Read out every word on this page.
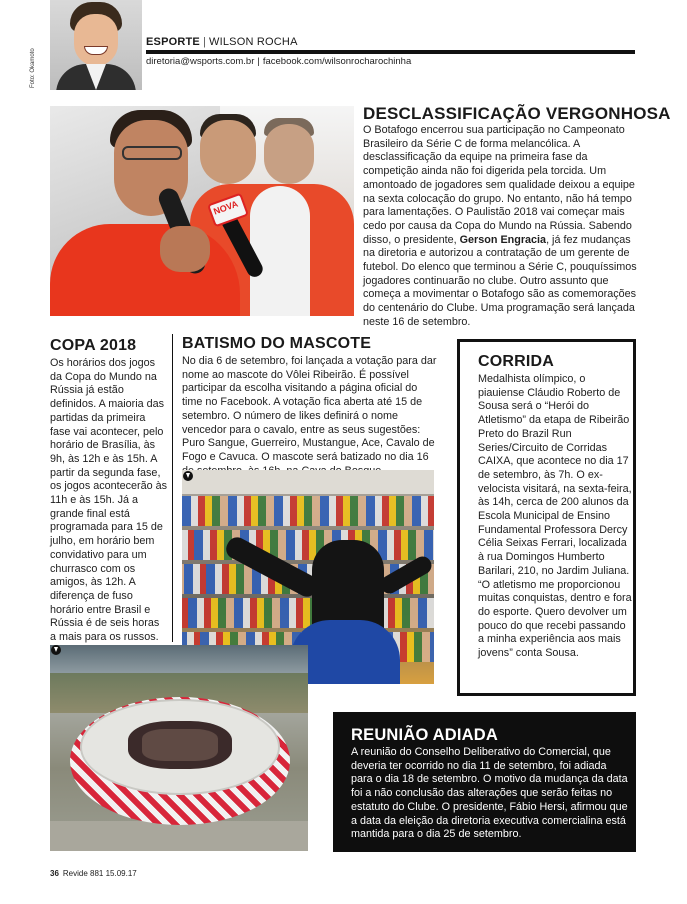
Foto: Okamoto
ESPORTE | WILSON ROCHA
diretoria@wsports.com.br | facebook.com/wilsonrocharochinha
NOVA
DESCLASSIFICAÇÃO VERGONHOSA
O Botafogo encerrou sua participação no Campeonato Brasileiro da Série C de forma melancólica. A desclassificação da equipe na primeira fase da competição ainda não foi digerida pela torcida. Um amontoado de jogadores sem qualidade deixou a equipe na sexta colocação do grupo. No entanto, não há tempo para lamentações. O Paulistão 2018 vai começar mais cedo por causa da Copa do Mundo na Rússia. Sabendo disso, o presidente, Gerson Engracia, já fez mudanças na diretoria e autorizou a contratação de um gerente de futebol. Do elenco que terminou a Série C, pouquíssimos jogadores continuarão no clube. Outro assunto que começa a movimentar o Botafogo são as comemorações do centenário do Clube. Uma programação será lançada neste 16 de setembro.
COPA 2018
Os horários dos jogos da Copa do Mundo na Rússia já estão definidos. A maioria das partidas da primeira fase vai acontecer, pelo horário de Brasília, às 9h, às 12h e às 15h. A partir da segunda fase, os jogos acontecerão às 11h e às 15h. Já a grande final está programada para 15 de julho, em horário bem convidativo para um churrasco com os amigos, às 12h. A diferença de fuso horário entre Brasil e Rússia é de seis horas a mais para os russos.
BATISMO DO MASCOTE
No dia 6 de setembro, foi lançada a votação para dar nome ao mascote do Vôlei Ribeirão. É possível participar da escolha visitando a página oficial do time no Facebook. A votação fica aberta até 15 de setembro. O número de likes definirá o nome vencedor para o cavalo, entre as seus sugestões: Puro Sangue, Guerreiro, Mustangue, Ace, Cavalo de Fogo e Cavuca. O mascote será batizado no dia 16
CORRIDA
Medalhista olímpico, o piauiense Cláudio Roberto de Sousa será o “Herói do Atletismo” da etapa de Ribeirão Preto do Brazil Run Series/Circuito de Corridas CAIXA, que acontece no dia 17 de setembro, às 7h. O ex-velocista visitará, na sexta-feira, às 14h, cerca de 200 alunos da Escola Municipal de Ensino Fundamental Professora Dercy Célia Seixas Ferrari, localizada à rua Domingos Humberto Barilari, 210, no Jardim Juliana. “O atletismo me proporcionou muitas conquistas, dentro e fora do esporte. Quero devolver um pouco do que recebi passando a minha experiência aos mais jovens” conta Sousa.
REUNIÃO ADIADA
A reunião do Conselho Deliberativo do Comercial, que deveria ter ocorrido no dia 11 de setembro, foi adiada para o dia 18 de setembro. O motivo da mudança da data foi a não conclusão das alterações que serão feitas no estatuto do Clube. O presidente, Fábio Hersi, afirmou que a data da eleição da diretoria executiva comercialina está mantida para o dia 25 de setembro.
36 Revide 881 15.09.17
